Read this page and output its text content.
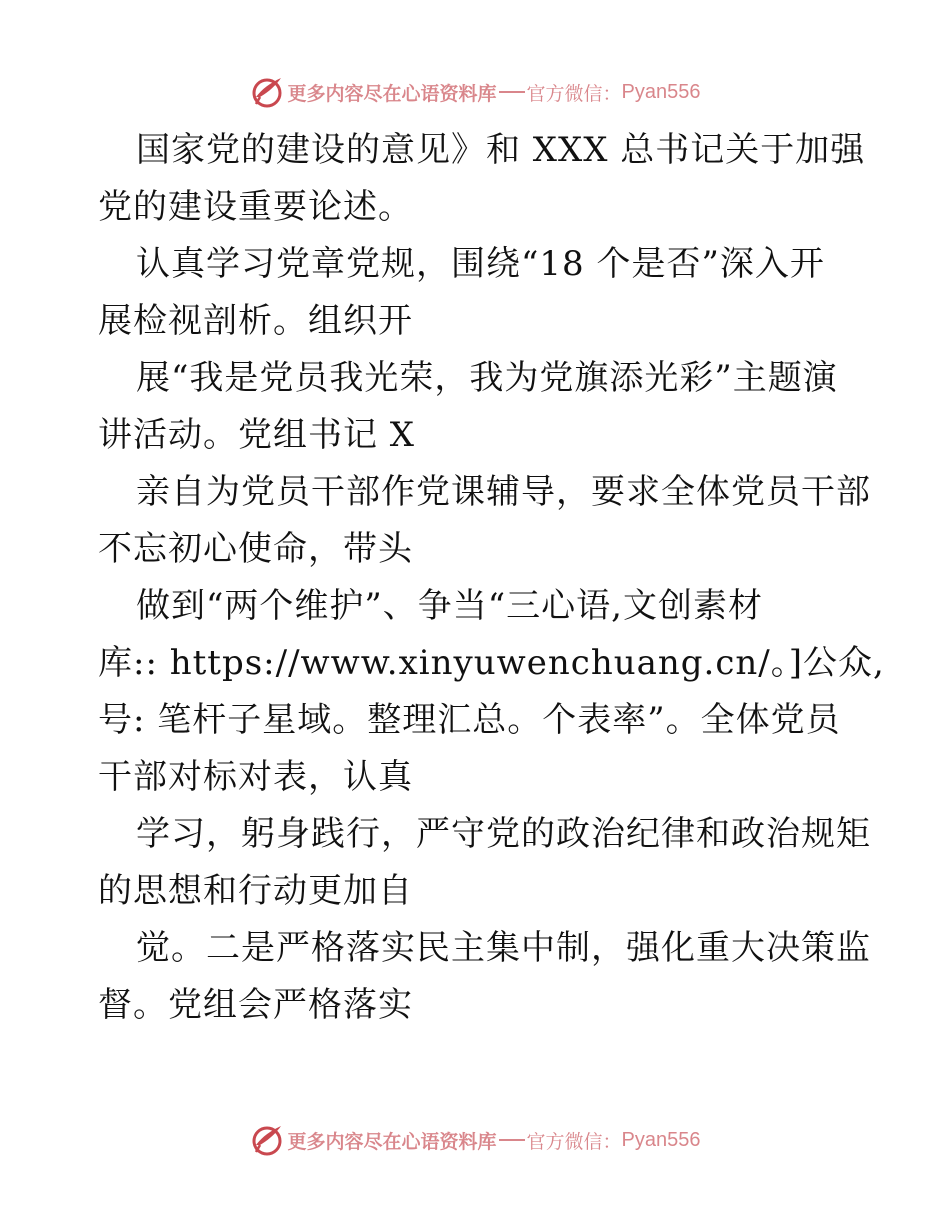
更多内容尽在心语资料库 官方微信： Pyan556
国家党的建设的意见》和 XXX 总书记关于加强
党的建设重要论述。
认真学习党章党规，围绕“18 个是否”深入开
展检视剖析。组织开
展“我是党员我光荣，我为党旗添光彩”主题演
讲活动。党组书记 X
亲自为党员干部作党课辅导，要求全体党员干部
不忘初心使命，带头
做到“两个维护”、争当“三心语,文创素材
库:: https://www.xinyuwenchuang.cn/。]公众,
号: 笔杆子星域。整理汇总。个表率”。全体党员
干部对标对表，认真
学习，躬身践行，严守党的政治纪律和政治规矩
的思想和行动更加自
觉。二是严格落实民主集中制，强化重大决策监
督。党组会严格落实
更多内容尽在心语资料库 官方微信： Pyan556
